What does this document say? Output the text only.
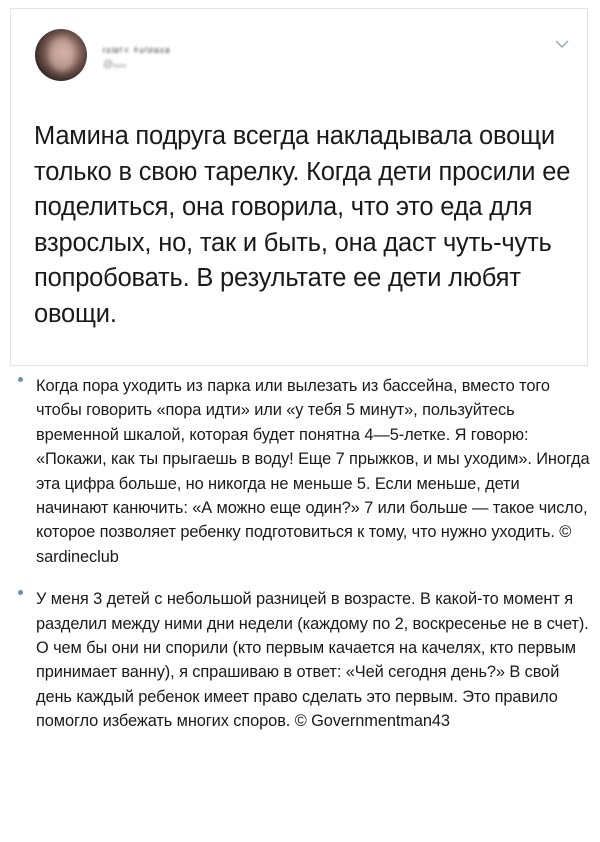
ᵣₓᵢₐₜₛ ₖᵤₗₚₐₓₐ
@ₓₓₓₓ

Мамина подруга всегда накладывала овощи только в свою тарелку. Когда дети просили ее поделиться, она говорила, что это еда для взрослых, но, так и быть, она даст чуть-чуть попробовать. В результате ее дети любят овощи.

Когда пора уходить из парка или вылезать из бассейна, вместо того чтобы говорить «пора идти» или «у тебя 5 минут», пользуйтесь временной шкалой, которая будет понятна 4—5-летке. Я говорю: «Покажи, как ты прыгаешь в воду! Еще 7 прыжков, и мы уходим». Иногда эта цифра больше, но никогда не меньше 5. Если меньше, дети начинают канючить: «А можно еще один?» 7 или больше — такое число, которое позволяет ребенку подготовиться к тому, что нужно уходить. © sardineclub
У меня 3 детей с небольшой разницей в возрасте. В какой-то момент я разделил между ними дни недели (каждому по 2, воскресенье не в счет). О чем бы они ни спорили (кто первым качается на качелях, кто первым принимает ванну), я спрашиваю в ответ: «Чей сегодня день?» В свой день каждый ребенок имеет право сделать это первым. Это правило помогло избежать многих споров. © Governmentman43
